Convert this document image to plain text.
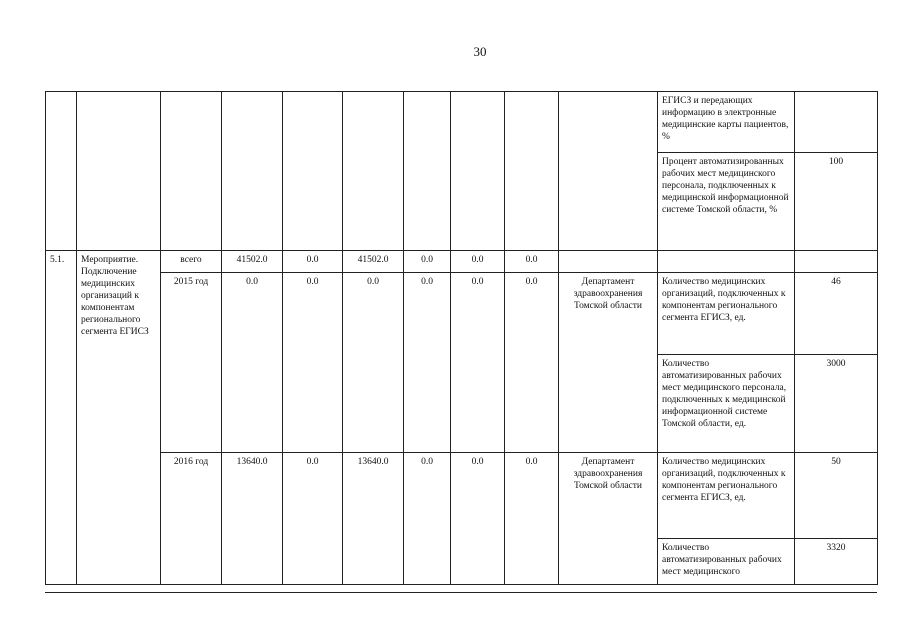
30
										ЕГИСЗ и передающих информацию в электронные медицинские карты пациентов, %	
										Процент автоматизированных рабочих мест медицинского персонала, подключенных к медицинской информационной системе Томской области, %	100
5.1.	Мероприятие. Подключение медицинских организаций к компонентам регионального сегмента ЕГИСЗ	всего	41502.0	0.0	41502.0	0.0	0.0	0.0			
		2015 год	0.0	0.0	0.0	0.0	0.0	0.0	Департамент здравоохранения Томской области	Количество медицинских организаций, подключенных к компонентам регионального сегмента ЕГИСЗ, ед.	46
										Количество автоматизированных рабочих мест медицинского персонала, подключенных к медицинской информационной системе Томской области, ед.	3000
		2016 год	13640.0	0.0	13640.0	0.0	0.0	0.0	Департамент здравоохранения Томской области	Количество медицинских организаций, подключенных к компонентам регионального сегмента ЕГИСЗ, ед.	50
										Количество автоматизированных рабочих мест медицинского	3320
